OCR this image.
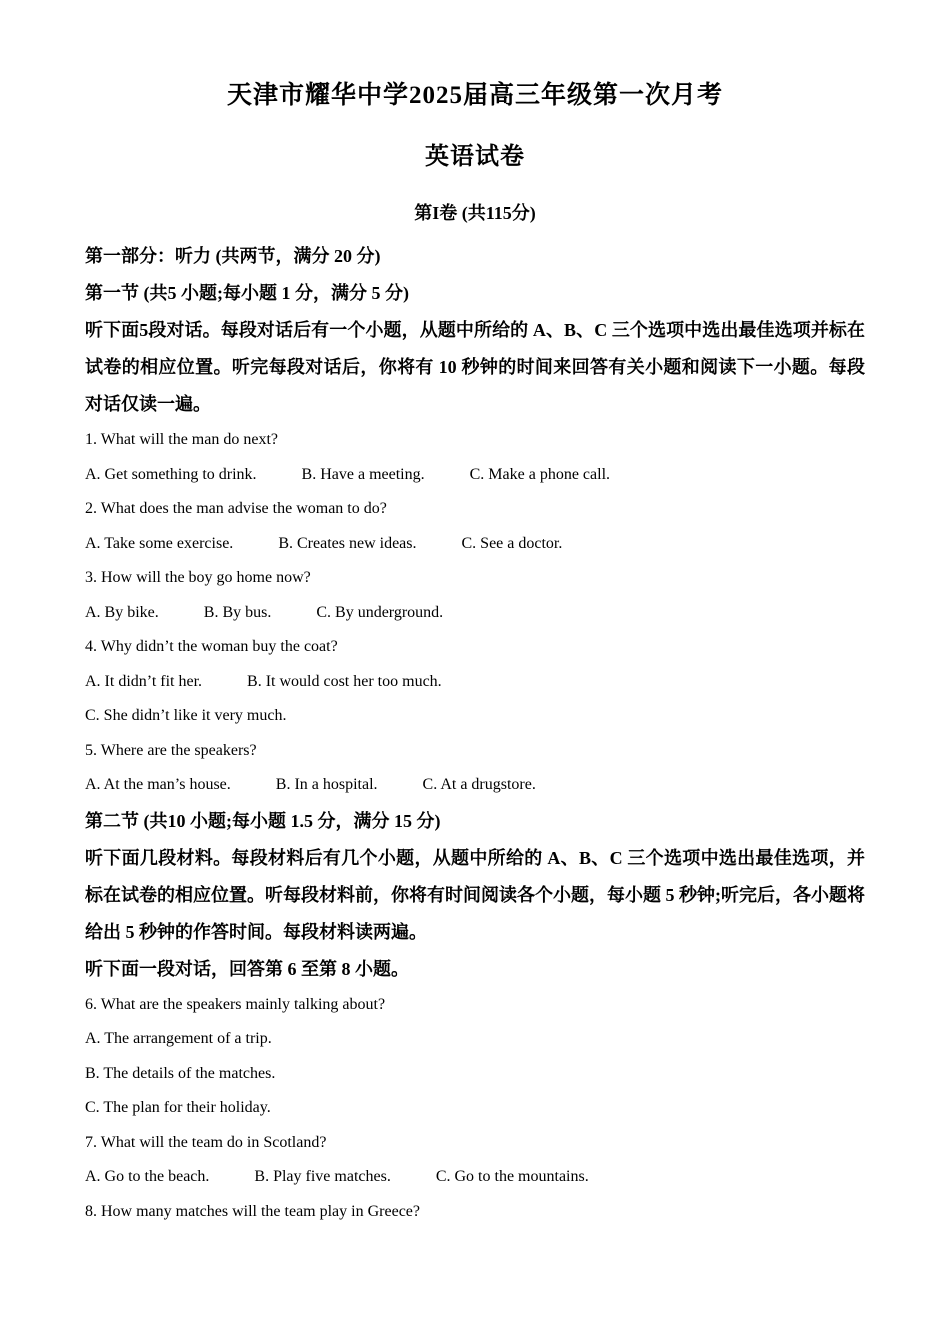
天津市耀华中学2025届高三年级第一次月考
英语试卷
第I卷 (共115分)
第一部分：听力 (共两节，满分 20 分)
第一节 (共5 小题;每小题 1 分，满分 5 分)

听下面5段对话。每段对话后有一个小题，从题中所给的 A、B、C 三个选项中选出最佳选项并标在试卷的相应位置。听完每段对话后，你将有 10 秒钟的时间来回答有关小题和阅读下一小题。每段对话仅读一遍。

1. What will the man do next?
A. Get something to drink.	B. Have a meeting.	C. Make a phone call.
2. What does the man advise the woman to do?
A. Take some exercise.	B. Creates new ideas.	C. See a doctor.
3. How will the boy go home now?
A. By bike.	B. By bus.	C. By underground.
4. Why didn’t the woman buy the coat?
A. It didn’t fit her.	B. It would cost her too much.
C. She didn’t like it very much.
5. Where are the speakers?
A. At the man’s house.	B. In a hospital.	C. At a drugstore.
第二节 (共10 小题;每小题 1.5 分，满分 15 分)

听下面几段材料。每段材料后有几个小题，从题中所给的 A、B、C 三个选项中选出最佳选项，并标在试卷的相应位置。听每段材料前，你将有时间阅读各个小题，每小题 5 秒钟;听完后，各小题将给出 5 秒钟的作答时间。每段材料读两遍。

听下面一段对话，回答第 6 至第 8 小题。
6. What are the speakers mainly talking about?
A. The arrangement of a trip.
B. The details of the matches.
C. The plan for their holiday.
7. What will the team do in Scotland?
A. Go to the beach.	B. Play five matches.	C. Go to the mountains.
8. How many matches will the team play in Greece?
